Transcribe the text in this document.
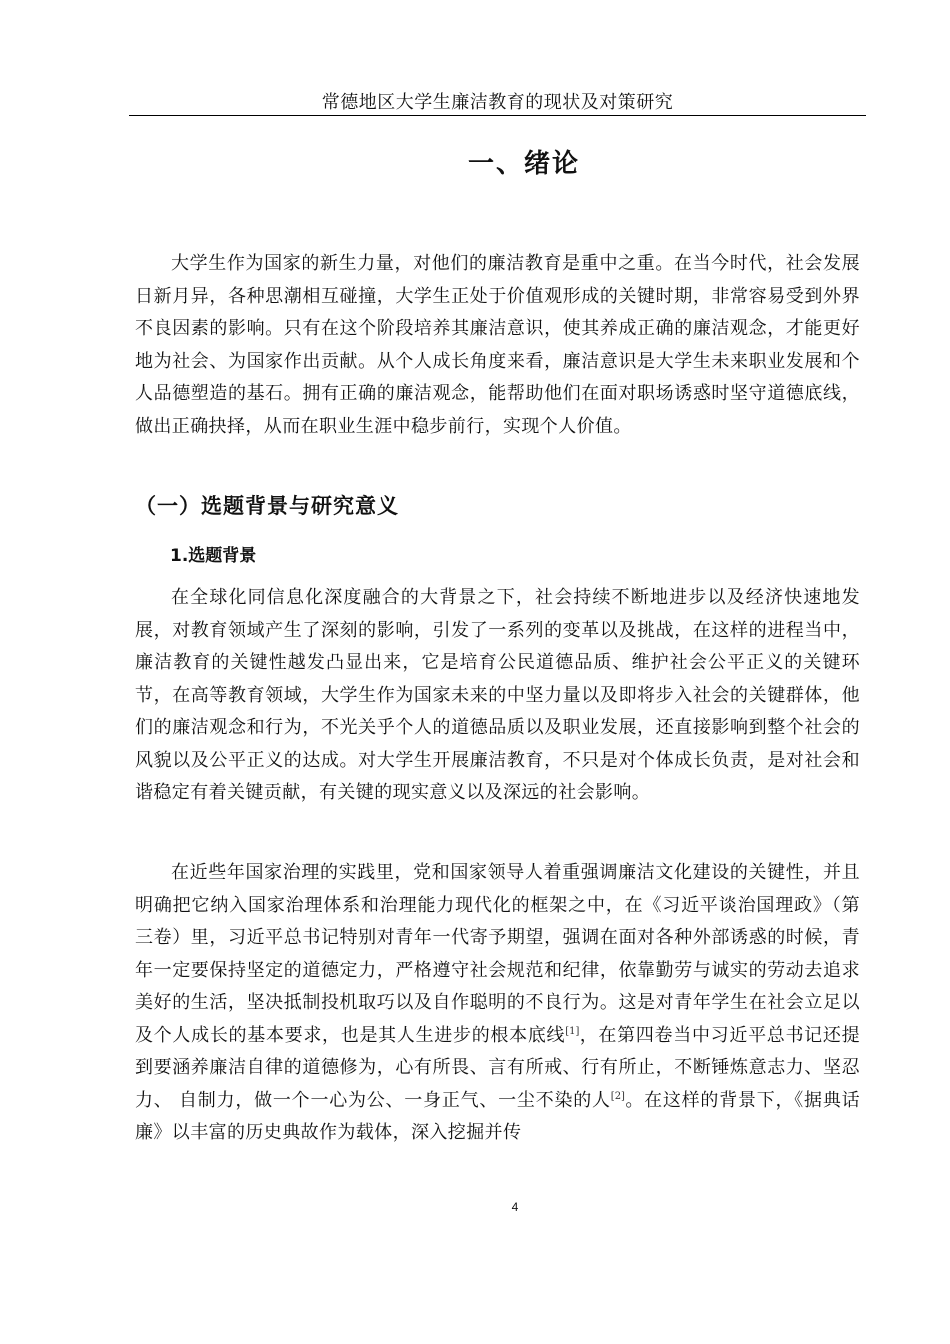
常德地区大学生廉洁教育的现状及对策研究
一、绪论

大学生作为国家的新生力量，对他们的廉洁教育是重中之重。在当今时代，社会发展日新月异，各种思潮相互碰撞，大学生正处于价值观形成的关键时期，非常容易受到外界不良因素的影响。只有在这个阶段培养其廉洁意识，使其养成正确的廉洁观念，才能更好地为社会、为国家作出贡献。从个人成长角度来看，廉洁意识是大学生未来职业发展和个人品德塑造的基石。拥有正确的廉洁观念，能帮助他们在面对职场诱惑时坚守道德底线，做出正确抉择，从而在职业生涯中稳步前行，实现个人价值。

（一）选题背景与研究意义
1.选题背景

在全球化同信息化深度融合的大背景之下，社会持续不断地进步以及经济快速地发展，对教育领域产生了深刻的影响，引发了一系列的变革以及挑战，在这样的进程当中，廉洁教育的关键性越发凸显出来，它是培育公民道德品质、维护社会公平正义的关键环节，在高等教育领域，大学生作为国家未来的中坚力量以及即将步入社会的关键群体，他们的廉洁观念和行为，不光关乎个人的道德品质以及职业发展，还直接影响到整个社会的风貌以及公平正义的达成。对大学生开展廉洁教育，不只是对个体成长负责，是对社会和谐稳定有着关键贡献，有关键的现实意义以及深远的社会影响。

在近些年国家治理的实践里，党和国家领导人着重强调廉洁文化建设的关键性，并且明确把它纳入国家治理体系和治理能力现代化的框架之中，在《习近平谈治国理政》（第三卷）里，习近平总书记特别对青年一代寄予期望，强调在面对各种外部诱惑的时候，青年一定要保持坚定的道德定力，严格遵守社会规范和纪律，依靠勤劳与诚实的劳动去追求美好的生活，坚决抵制投机取巧以及自作聪明的不良行为。这是对青年学生在社会立足以及个人成长的基本要求，也是其人生进步的根本底线[1]，在第四卷当中习近平总书记还提到要涵养廉洁自律的道德修为，心有所畏、言有所戒、行有所止，不断锤炼意志力、坚忍力、 自制力，做一个一心为公、一身正气、一尘不染的人[2]。在这样的背景下，《据典话廉》以丰富的历史典故作为载体，深入挖掘并传

4
